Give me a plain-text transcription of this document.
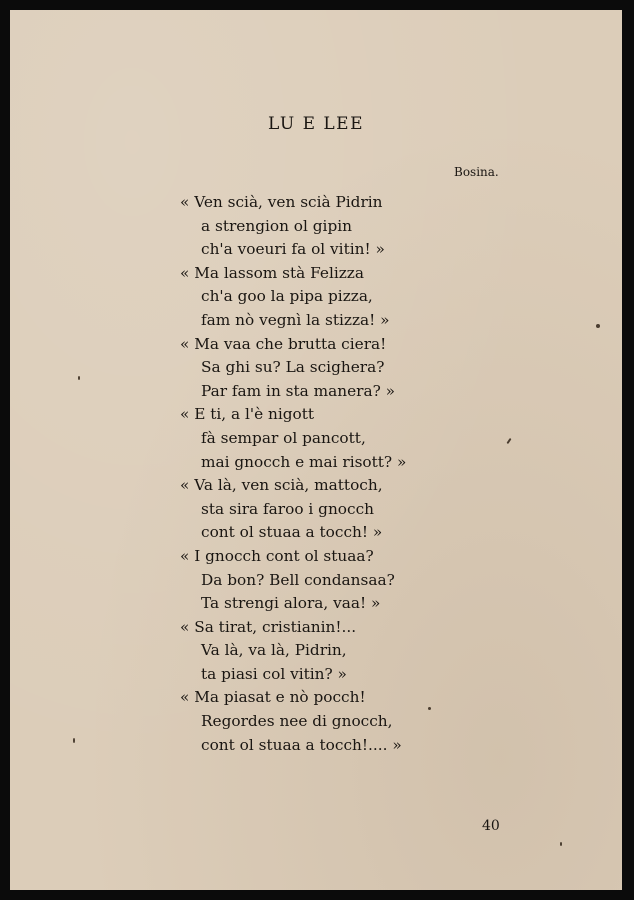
LU E LEE
Bosina.
« Ven scià, ven scià Pidrin
a strengion ol gipin
ch'a voeuri fa ol vitin! »
« Ma lassom stà Felizza
ch'a goo la pipa pizza,
fam nò vegnì la stizza! »
« Ma vaa che brutta ciera!
Sa ghi su? La scighera?
Par fam in sta manera? »
« E ti, a l'è nigott
fà sempar ol pancott,
mai gnocch e mai risott? »
« Va là, ven scià, mattoch,
sta sira faroo i gnocch
cont ol stuaa a tocch! »
« I gnocch cont ol stuaa?
Da bon? Bell condansaa?
Ta strengi alora, vaa! »
« Sa tirat, cristianin!...
Va là, va là, Pidrin,
ta piasi col vitin? »
« Ma piasat e nò pocch!
Regordes nee di gnocch,
cont ol stuaa a tocch!.... »
40
